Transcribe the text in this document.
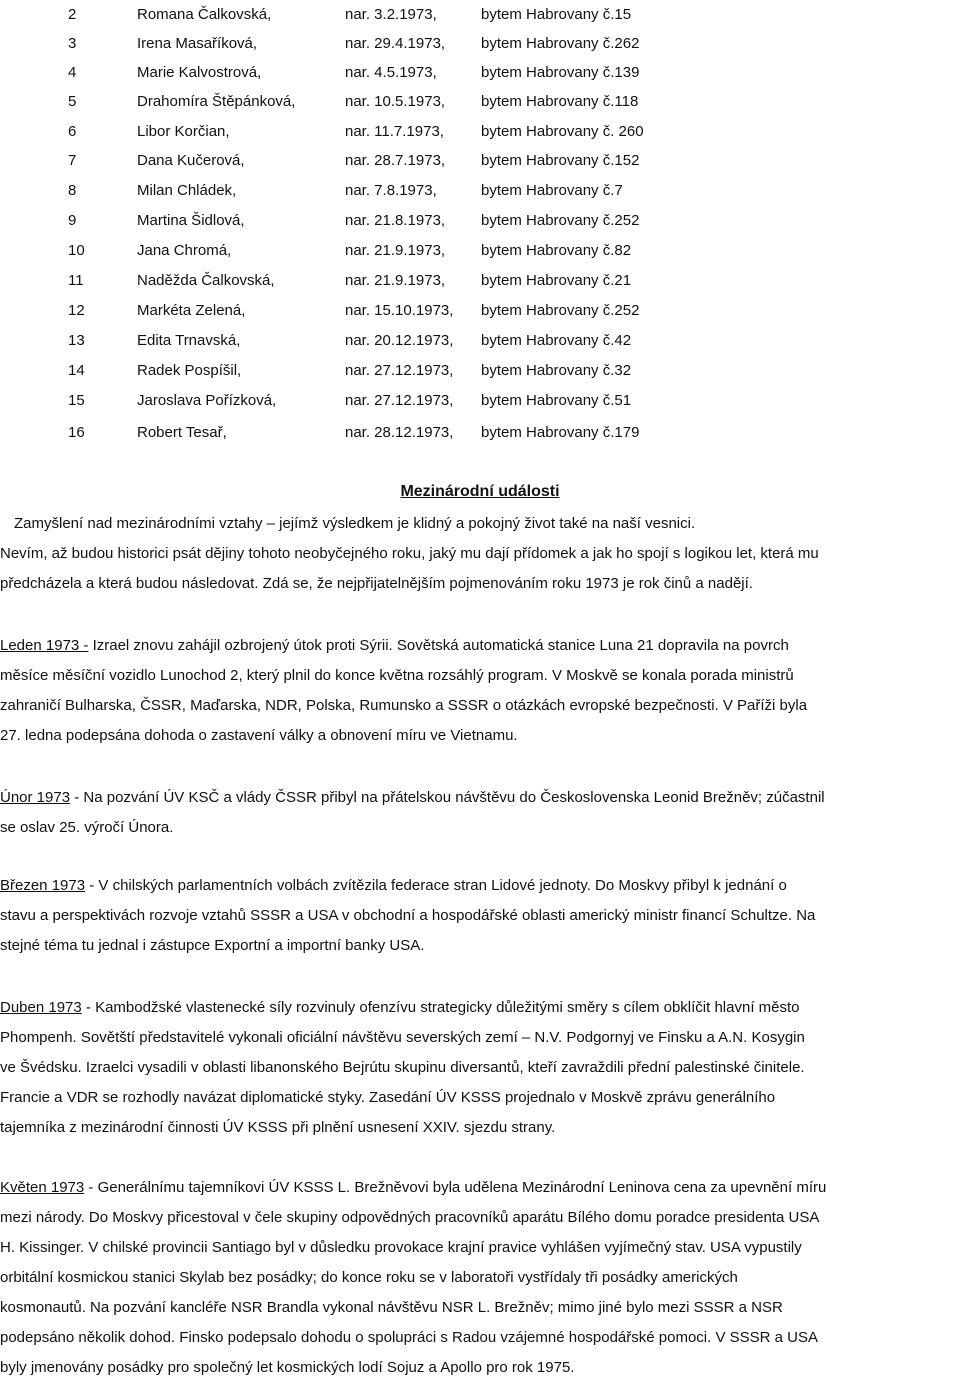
2	Romana Čalkovská,	nar. 3.2.1973,	bytem Habrovany č.15
3	Irena Masaříková,	nar. 29.4.1973, bytem Habrovany č.262
4	Marie Kalvostrová,	nar. 4.5.1973,	bytem Habrovany č.139
5	Drahomíra Štěpánková,	nar. 10.5.1973, bytem Habrovany č.118
6	Libor Korčian,	nar. 11.7.1973, bytem Habrovany č. 260
7	Dana Kučerová,	nar. 28.7.1973, bytem Habrovany č.152
8	Milan Chládek,	nar. 7.8.1973,	bytem Habrovany č.7
9	Martina Šidlová,	nar. 21.8.1973, bytem Habrovany č.252
10	Jana Chromá,	nar. 21.9.1973, bytem Habrovany č.82
11	Naděžda Čalkovská,	nar. 21.9.1973, bytem Habrovany č.21
12	Markéta Zelená,	nar. 15.10.1973, bytem Habrovany č.252
13	Edita Trnavská,	nar. 20.12.1973, bytem Habrovany č.42
14	Radek Pospíšil,	nar. 27.12.1973, bytem Habrovany č.32
15	Jaroslava Pořízková,	nar. 27.12.1973, bytem Habrovany č.51
16	Robert Tesař,	nar. 28.12.1973, bytem Habrovany č.179
Mezinárodní události
Zamyšlení nad mezinárodními vztahy – jejímž výsledkem je klidný a pokojný život také na naší vesnici.
Nevím, až budou historici psát dějiny tohoto neobyčejného roku, jaký mu dají přídomek a jak ho spojí s logikou let, která mu
předcházela a která budou následovat. Zdá se, že nejpřijatelnějším pojmenováním roku 1973 je rok činů a nadějí.
Leden 1973 - Izrael znovu zahájil ozbrojený útok proti Sýrii. Sovětská automatická stanice Luna 21 dopravila na povrch
měsíce měsíční vozidlo Lunochod 2, který plnil do konce května rozsáhlý program. V Moskvě se konala porada ministrů
zahraničí Bulharska, ČSSR, Maďarska, NDR, Polska, Rumunsko a SSSR o otázkách evropské bezpečnosti. V Paříži byla
27. ledna podepsána dohoda o zastavení války a obnovení míru ve Vietnamu.
Únor 1973 - Na pozvání ÚV KSČ a vlády ČSSR přibyl na přátelskou návštěvu do Československa Leonid Brežněv; zúčastnil
se oslav 25. výročí Února.
Březen 1973 - V chilských parlamentních volbách zvítězila federace stran Lidové jednoty. Do Moskvy přibyl k jednání o
stavu a perspektivách rozvoje vztahů SSSR a USA v obchodní a hospodářské oblasti americký ministr financí Schultze. Na
stejné téma tu jednal i zástupce Exportní a importní banky USA.
Duben 1973 - Kambodžské vlastenecké síly rozvinuly ofenzívu strategicky důležitými směry s cílem obklíčit hlavní město
Phompenh. Sovětští představitelé vykonali oficiální návštěvu severských zemí – N.V. Podgornyj ve Finsku a A.N. Kosygin
ve Švédsku. Izraelci vysadili v oblasti libanonského Bejrútu skupinu diversantů, kteří zavraždili přední palestinské činitele.
Francie a VDR se rozhodly navázat diplomatické styky. Zasedání ÚV KSSS projednalo v Moskvě zprávu generálního
tajemníka z mezinárodní činnosti ÚV KSSS při plnění usnesení XXIV. sjezdu strany.
Květen 1973 - Generálnímu tajemníkovi ÚV KSSS L. Brežněvovi byla udělena Mezinárodní Leninova cena za upevnění míru
mezi národy. Do Moskvy přicestoval v čele skupiny odpovědných pracovníků aparátu Bílého domu poradce presidenta USA
H. Kissinger. V chilské provincii Santiago byl v důsledku provokace krajní pravice vyhlášen vyjímečný stav. USA vypustily
orbitální kosmickou stanici Skylab bez posádky; do konce roku se v laboratoři vystřídaly tři posádky amerických
kosmonautů. Na pozvání kancléře NSR Brandla vykonal návštěvu NSR L. Brežněv; mimo jiné bylo mezi SSSR a NSR
podepsáno několik dohod. Finsko podepsalo dohodu o spolupráci s Radou vzájemné hospodářské pomoci. V SSSR a USA
byly jmenovány posádky pro společný let kosmických lodí Sojuz a Apollo pro rok 1975.
